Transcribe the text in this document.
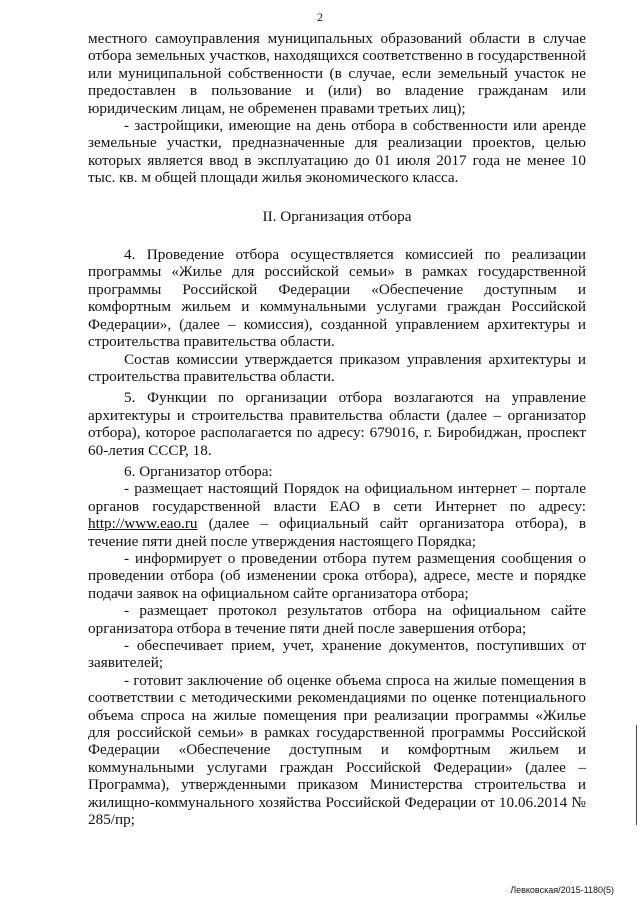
2

местного самоуправления муниципальных образований области в случае отбора земельных участков, находящихся соответственно в государственной или муниципальной собственности (в случае, если земельный участок не предоставлен в пользование и (или) во владение гражданам или юридическим лицам, не обременен правами третьих лиц);

- застройщики, имеющие на день отбора в собственности или аренде земельные участки, предназначенные для реализации проектов, целью которых является ввод в эксплуатацию до 01 июля 2017 года не менее 10 тыс. кв. м общей площади жилья экономического класса.

II. Организация отбора

4. Проведение отбора осуществляется комиссией по реализации программы «Жилье для российской семьи» в рамках государственной программы Российской Федерации «Обеспечение доступным и комфортным жильем и коммунальными услугами граждан Российской Федерации», (далее – комиссия), созданной управлением архитектуры и строительства правительства области.

Состав комиссии утверждается приказом управления архитектуры и строительства правительства области.

5. Функции по организации отбора возлагаются на управление архитектуры и строительства правительства области (далее – организатор отбора), которое располагается по адресу: 679016, г. Биробиджан, проспект 60-летия СССР, 18.

6. Организатор отбора:

- размещает настоящий Порядок на официальном интернет – портале органов государственной власти ЕАО в сети Интернет по адресу: http://www.eao.ru (далее – официальный сайт организатора отбора), в течение пяти дней после утверждения настоящего Порядка;

- информирует о проведении отбора путем размещения сообщения о проведении отбора (об изменении срока отбора), адресе, месте и порядке подачи заявок на официальном сайте организатора отбора;

- размещает протокол результатов отбора на официальном сайте организатора отбора в течение пяти дней после завершения отбора;

- обеспечивает прием, учет, хранение документов, поступивших от заявителей;

- готовит заключение об оценке объема спроса на жилые помещения в соответствии с методическими рекомендациями по оценке потенциального объема спроса на жилые помещения при реализации программы «Жилье для российской семьи» в рамках государственной программы Российской Федерации «Обеспечение доступным и комфортным жильем и коммунальными услугами граждан Российской Федерации» (далее – Программа), утвержденными приказом Министерства строительства и жилищно-коммунального хозяйства Российской Федерации от 10.06.2014 № 285/пр;

Левковская/2015-1180(5)
